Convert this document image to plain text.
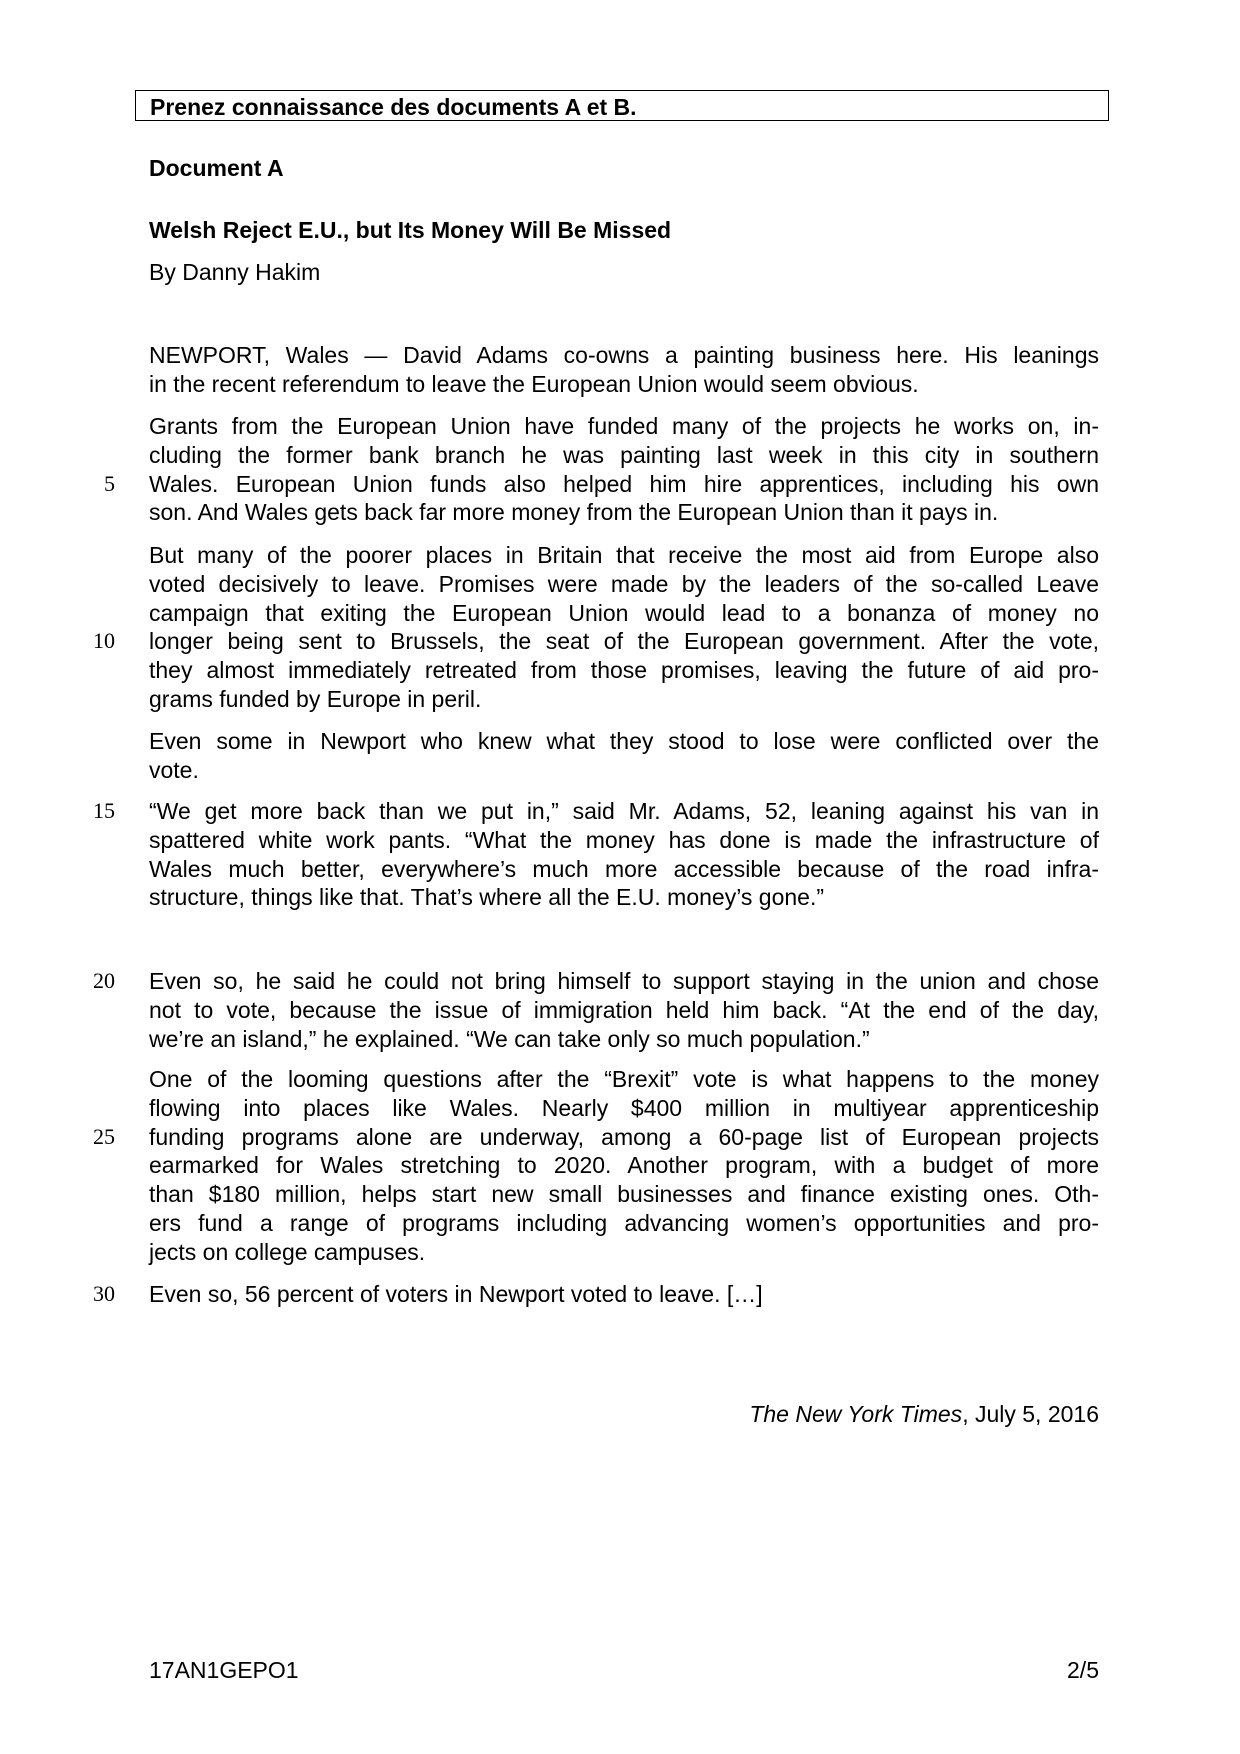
Prenez connaissance des documents A et B.
Document A
Welsh Reject E.U., but Its Money Will Be Missed
By Danny Hakim
NEWPORT, Wales — David Adams co-owns a painting business here. His leanings
in the recent referendum to leave the European Union would seem obvious.
Grants from the European Union have funded many of the projects he works on, in-
cluding the former bank branch he was painting last week in this city in southern
Wales. European Union funds also helped him hire apprentices, including his own
son. And Wales gets back far more money from the European Union than it pays in.
But many of the poorer places in Britain that receive the most aid from Europe also
voted decisively to leave. Promises were made by the leaders of the so-called Leave
campaign that exiting the European Union would lead to a bonanza of money no
longer being sent to Brussels, the seat of the European government. After the vote,
they almost immediately retreated from those promises, leaving the future of aid pro-
grams funded by Europe in peril.
Even some in Newport who knew what they stood to lose were conflicted over the
vote.
“We get more back than we put in,” said Mr. Adams, 52, leaning against his van in
spattered white work pants. “What the money has done is made the infrastructure of
Wales much better, everywhere’s much more accessible because of the road infra-
structure, things like that. That’s where all the E.U. money’s gone.”
Even so, he said he could not bring himself to support staying in the union and chose
not to vote, because the issue of immigration held him back. “At the end of the day,
we’re an island,” he explained. “We can take only so much population.”
One of the looming questions after the “Brexit” vote is what happens to the money
flowing into places like Wales. Nearly $400 million in multiyear apprenticeship
funding programs alone are underway, among a 60-page list of European projects
earmarked for Wales stretching to 2020. Another program, with a budget of more
than $180 million, helps start new small businesses and finance existing ones. Oth-
ers fund a range of programs including advancing women’s opportunities and pro-
jects on college campuses.
Even so, 56 percent of voters in Newport voted to leave. […]
5
10
15
20
25
30
The New York Times, July 5, 2016
17AN1GEPO1	2/5
